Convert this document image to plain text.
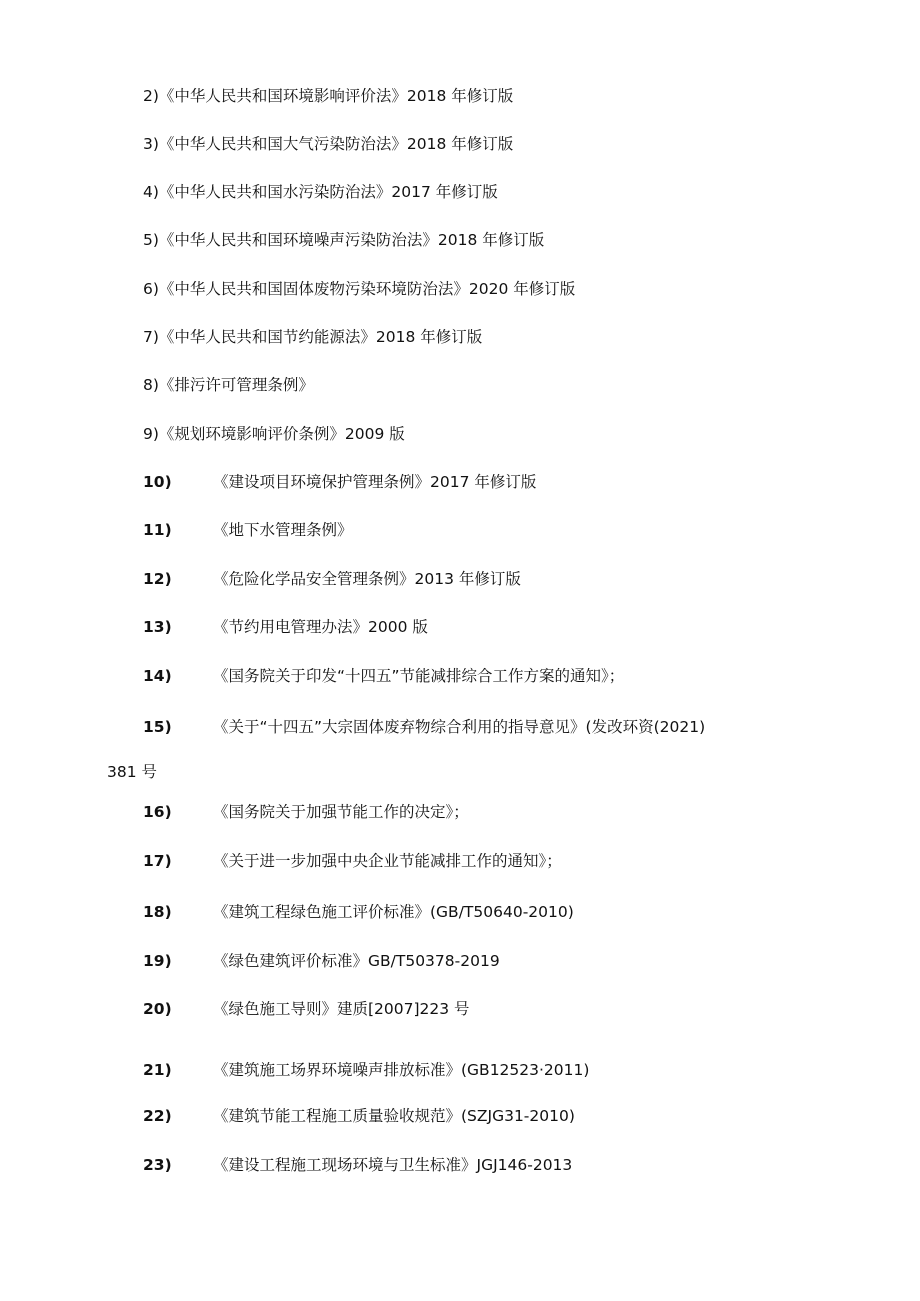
2)《中华人民共和国环境影响评价法》2018 年修订版
3)《中华人民共和国大气污染防治法》2018 年修订版
4)《中华人民共和国水污染防治法》2017 年修订版
5)《中华人民共和国环境噪声污染防治法》2018 年修订版
6)《中华人民共和国固体废物污染环境防治法》2020 年修订版
7)《中华人民共和国节约能源法》2018 年修订版
8)《排污许可管理条例》
9)《规划环境影响评价条例》2009 版
10)	《建设项目环境保护管理条例》2017 年修订版
11)	《地下水管理条例》
12)	《危险化学品安全管理条例》2013 年修订版
13)	《节约用电管理办法》2000 版
14)	《国务院关于印发“十四五”节能减排综合工作方案的通知》；
15)	《关于“十四五”大宗固体废弃物综合利用的指导意见》(发改环资(2021)
381 号
16)	《国务院关于加强节能工作的决定》；
17)	《关于进一步加强中央企业节能减排工作的通知》；
18)	《建筑工程绿色施工评价标准》(GB/T50640-2010)
19)	《绿色建筑评价标准》GB/T50378-2019
20)	《绿色施工导则》建质[2007]223 号
21)	《建筑施工场界环境噪声排放标准》(GB12523·2011)
22)	《建筑节能工程施工质量验收规范》(SZJG31-2010)
23)	《建设工程施工现场环境与卫生标准》JGJ146-2013
